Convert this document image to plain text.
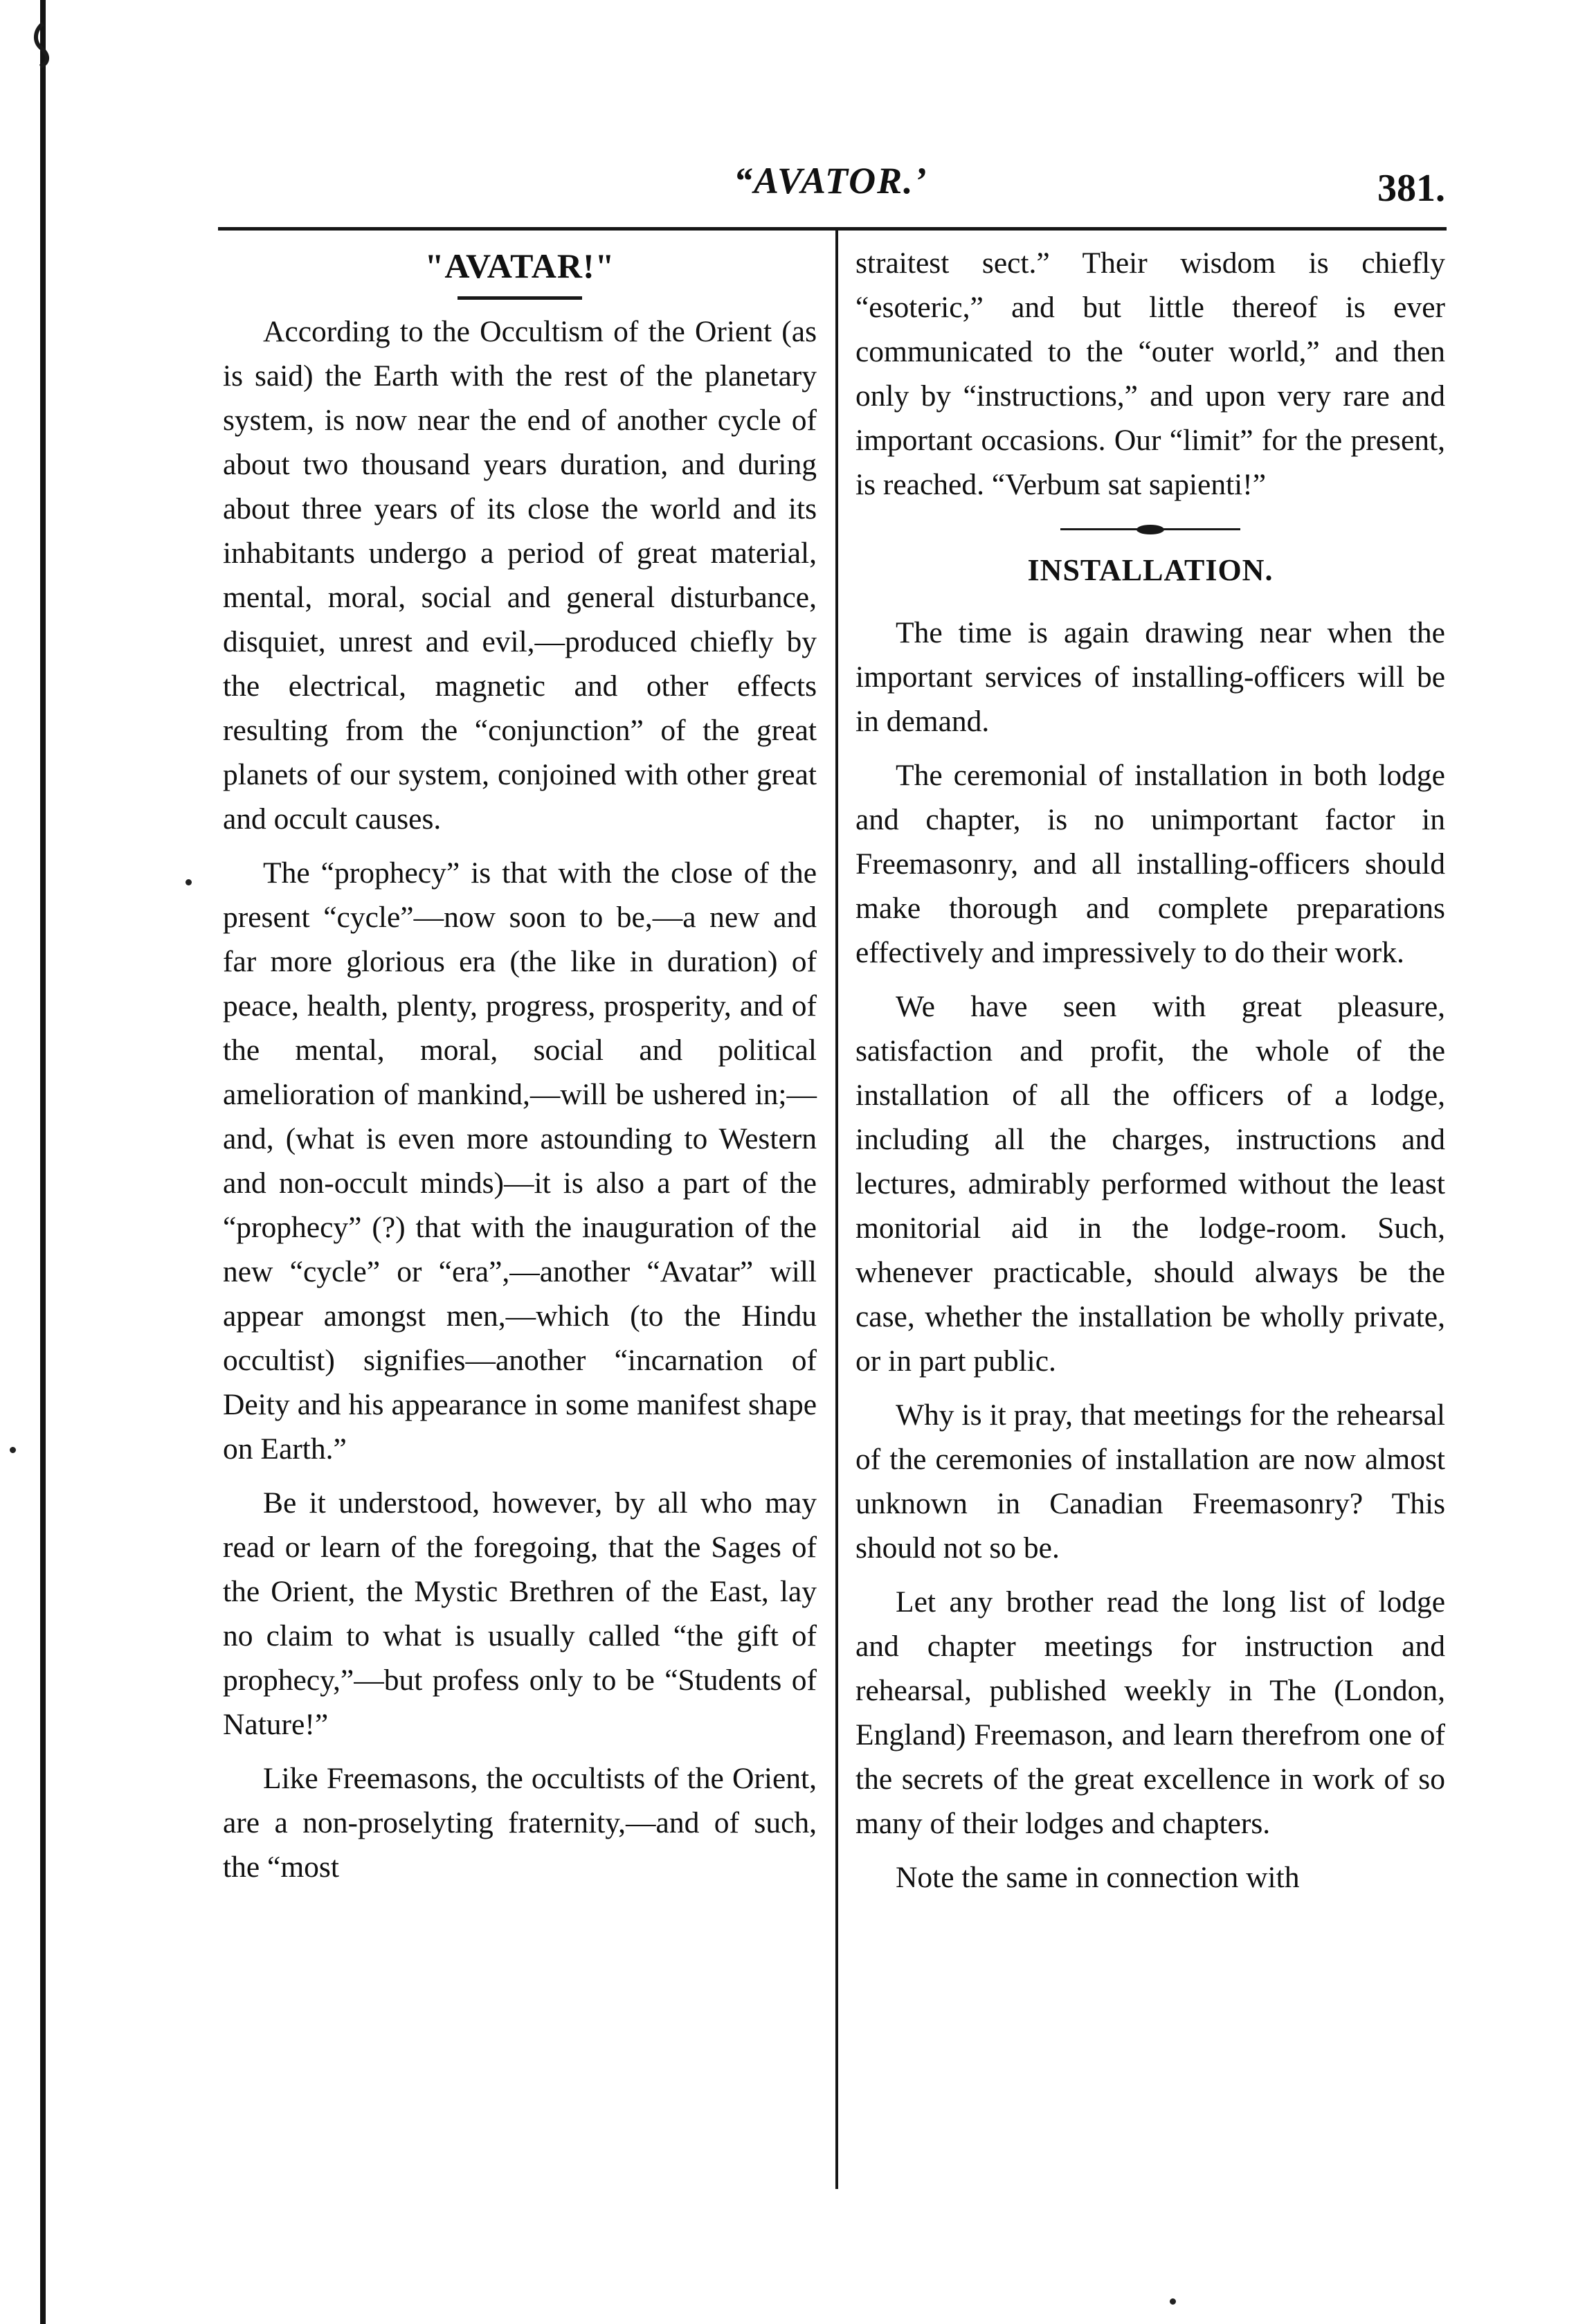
“AVATOR.’	381.
"AVATAR!"

According to the Occultism of the Orient (as is said) the Earth with the rest of the planetary system, is now near the end of another cycle of about two thousand years duration, and during about three years of its close the world and its inhabitants undergo a period of great material, mental, moral, social and general disturbance, disquiet, unrest and evil,—produced chiefly by the electrical, magnetic and other effects resulting from the “conjunction” of the great planets of our system, conjoined with other great and occult causes.

The “prophecy” is that with the close of the present “cycle”—now soon to be,—a new and far more glorious era (the like in duration) of peace, health, plenty, progress, prosperity, and of the mental, moral, social and political amelioration of mankind,—will be ushered in;—and, (what is even more astounding to Western and non-occult minds)—it is also a part of the “prophecy” (?) that with the inauguration of the new “cycle” or “era”,—another “Avatar” will appear amongst men,—which (to the Hindu occultist) signifies—another “incarnation of Deity and his appearance in some manifest shape on Earth.”

Be it understood, however, by all who may read or learn of the foregoing, that the Sages of the Orient, the Mystic Brethren of the East, lay no claim to what is usually called “the gift of prophecy,”—but profess only to be “Students of Nature!”

Like Freemasons, the occultists of the Orient, are a non-proselyting fraternity,—and of such, the “most

straitest sect.” Their wisdom is chiefly “esoteric,” and but little thereof is ever communicated to the “outer world,” and then only by “instructions,” and upon very rare and important occasions. Our “limit” for the present, is reached. “Verbum sat sapienti!”

INSTALLATION.

The time is again drawing near when the important services of installing-officers will be in demand.

The ceremonial of installation in both lodge and chapter, is no unimportant factor in Freemasonry, and all installing-officers should make thorough and complete preparations effectively and impressively to do their work.

We have seen with great pleasure, satisfaction and profit, the whole of the installation of all the officers of a lodge, including all the charges, instructions and lectures, admirably performed without the least monitorial aid in the lodge-room. Such, whenever practicable, should always be the case, whether the installation be wholly private, or in part public.

Why is it pray, that meetings for the rehearsal of the ceremonies of installation are now almost unknown in Canadian Freemasonry? This should not so be.

Let any brother read the long list of lodge and chapter meetings for instruction and rehearsal, published weekly in The (London, England) Freemason, and learn therefrom one of the secrets of the great excellence in work of so many of their lodges and chapters.

Note the same in connection with
